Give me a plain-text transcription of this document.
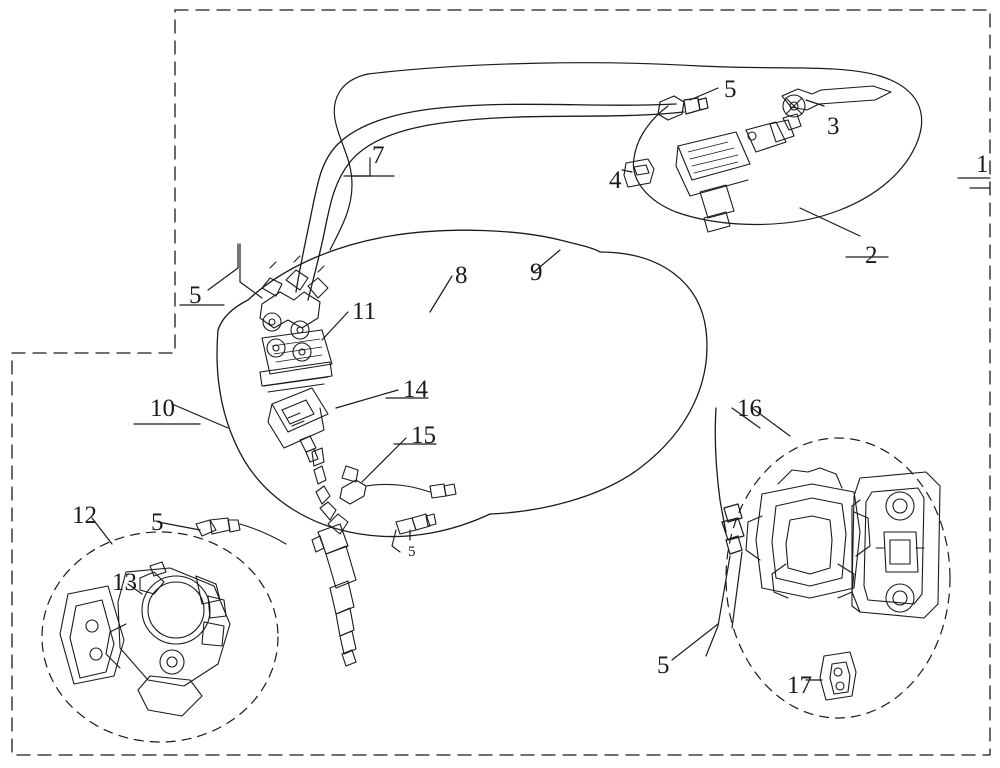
1
2
3
4
5
7
5
8	9
11
10
14
15
16
12 5
13
5
5
17
